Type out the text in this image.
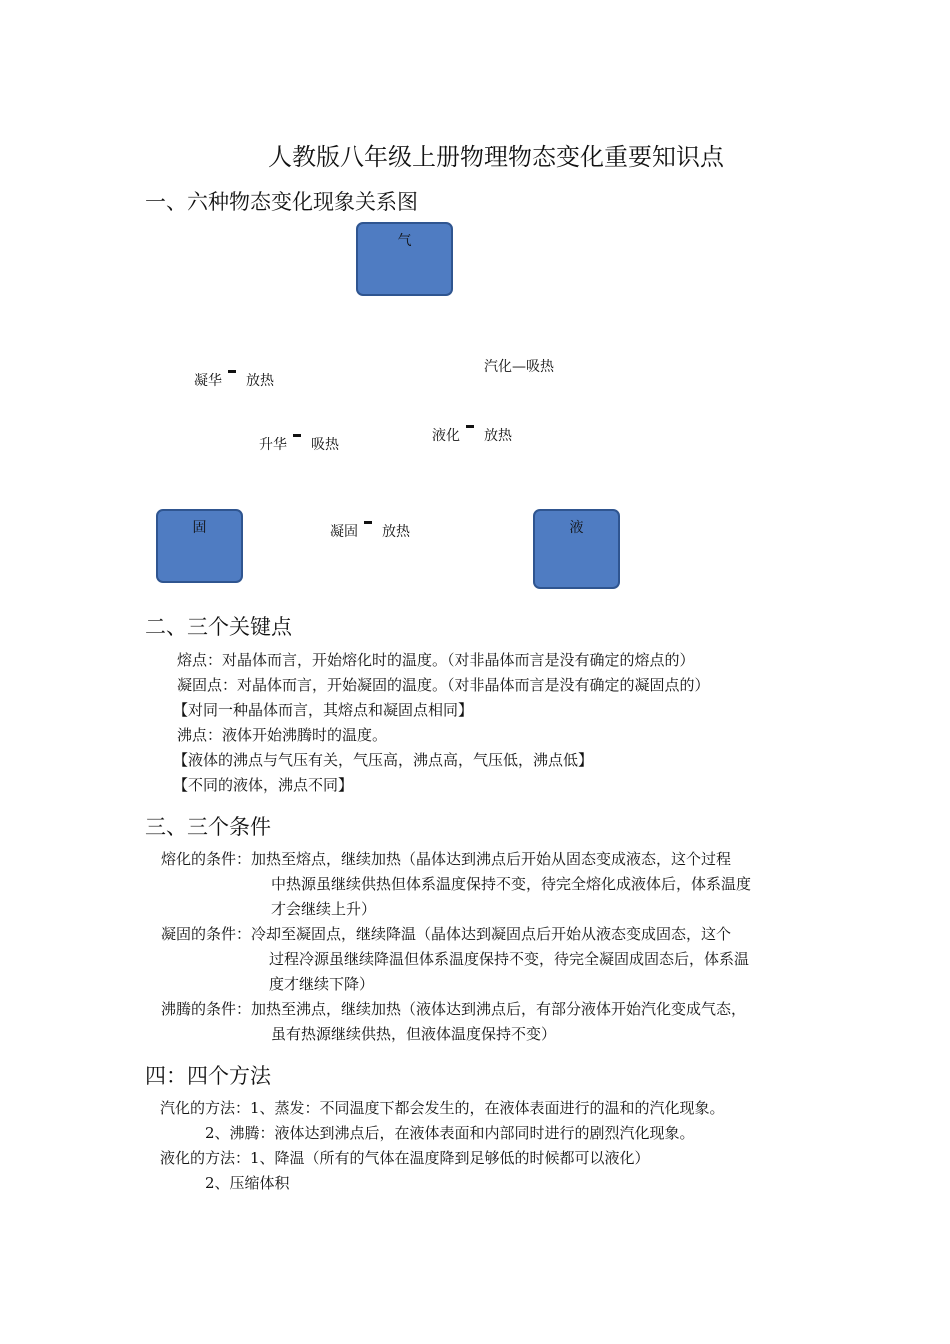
人教版八年级上册物理物态变化重要知识点
一、六种物态变化现象关系图
气
固	液
凝华 放热
汽化—吸热
升华 吸热
液化 放热
凝固 放热
二、三个关键点
熔点：对晶体而言，开始熔化时的温度。（对非晶体而言是没有确定的熔点的）
凝固点：对晶体而言，开始凝固的温度。（对非晶体而言是没有确定的凝固点的）
【对同一种晶体而言，其熔点和凝固点相同】
沸点：液体开始沸腾时的温度。
【液体的沸点与气压有关，气压高，沸点高，气压低，沸点低】
【不同的液体，沸点不同】
三、三个条件
熔化的条件：加热至熔点，继续加热（晶体达到沸点后开始从固态变成液态，这个过程
中热源虽继续供热但体系温度保持不变，待完全熔化成液体后，体系温度
才会继续上升）
凝固的条件：冷却至凝固点，继续降温（晶体达到凝固点后开始从液态变成固态，这个
过程冷源虽继续降温但体系温度保持不变，待完全凝固成固态后，体系温
度才继续下降）
沸腾的条件：加热至沸点，继续加热（液体达到沸点后，有部分液体开始汽化变成气态，
虽有热源继续供热，但液体温度保持不变）
四：四个方法
汽化的方法：1、蒸发：不同温度下都会发生的，在液体表面进行的温和的汽化现象。
2、沸腾：液体达到沸点后，在液体表面和内部同时进行的剧烈汽化现象。
液化的方法：1、降温（所有的气体在温度降到足够低的时候都可以液化）
2、压缩体积
